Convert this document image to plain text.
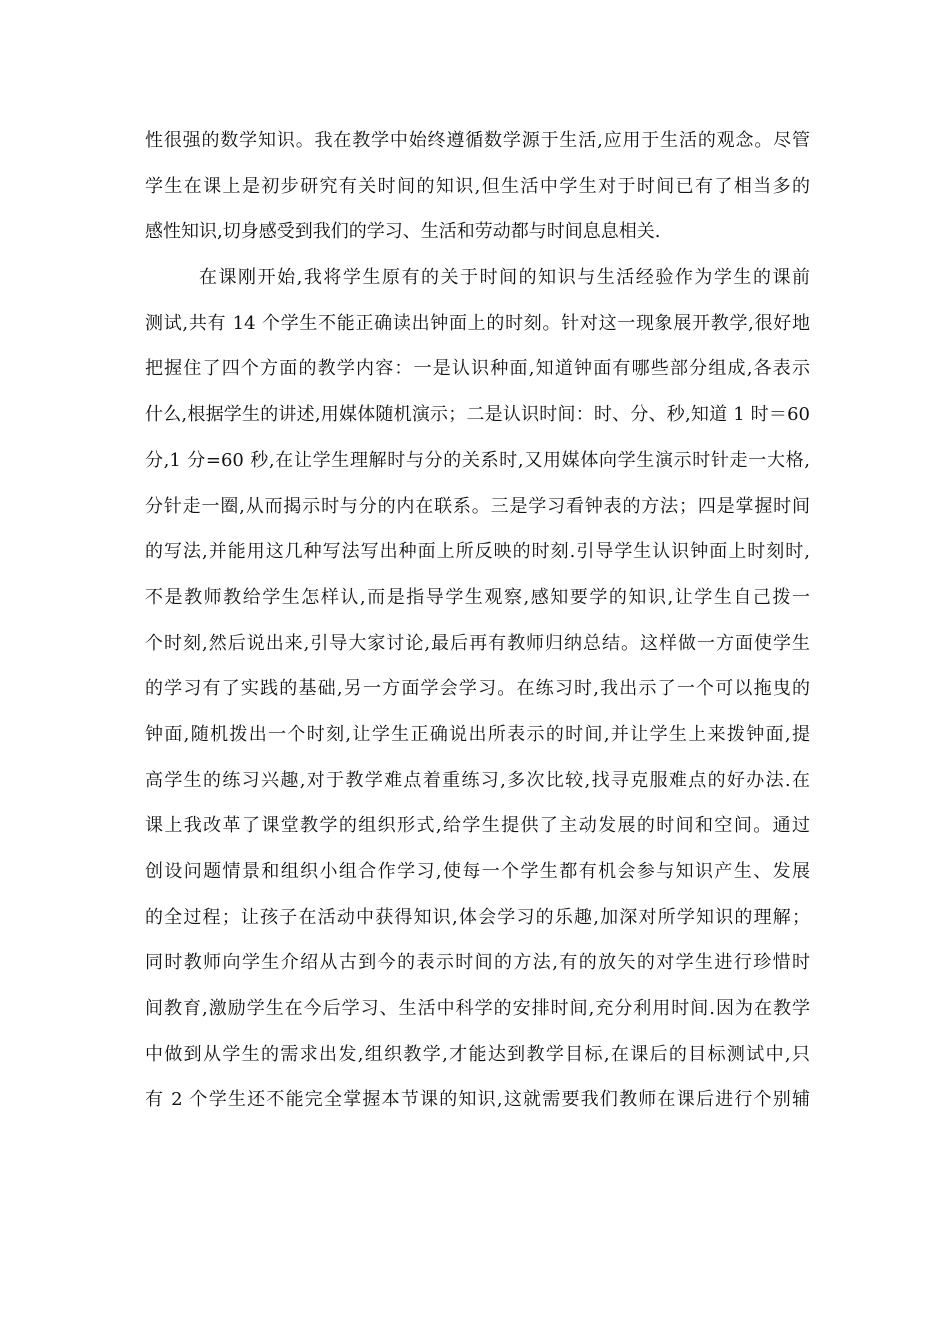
性很强的数学知识。我在教学中始终遵循数学源于生活,应用于生活的观念。尽管
学生在课上是初步研究有关时间的知识,但生活中学生对于时间已有了相当多的
感性知识,切身感受到我们的学习、生活和劳动都与时间息息相关.
在课刚开始,我将学生原有的关于时间的知识与生活经验作为学生的课前
测试,共有 14 个学生不能正确读出钟面上的时刻。针对这一现象展开教学,很好地
把握住了四个方面的教学内容：一是认识种面,知道钟面有哪些部分组成,各表示
什么,根据学生的讲述,用媒体随机演示；二是认识时间：时、分、秒,知道 1 时＝60
分,1 分=60 秒,在让学生理解时与分的关系时,又用媒体向学生演示时针走一大格,
分针走一圈,从而揭示时与分的内在联系。三是学习看钟表的方法；四是掌握时间
的写法,并能用这几种写法写出种面上所反映的时刻.引导学生认识钟面上时刻时,
不是教师教给学生怎样认,而是指导学生观察,感知要学的知识,让学生自己拨一
个时刻,然后说出来,引导大家讨论,最后再有教师归纳总结。这样做一方面使学生
的学习有了实践的基础,另一方面学会学习。在练习时,我出示了一个可以拖曳的
钟面,随机拨出一个时刻,让学生正确说出所表示的时间,并让学生上来拨钟面,提
高学生的练习兴趣,对于教学难点着重练习,多次比较,找寻克服难点的好办法.在
课上我改革了课堂教学的组织形式,给学生提供了主动发展的时间和空间。通过
创设问题情景和组织小组合作学习,使每一个学生都有机会参与知识产生、发展
的全过程；让孩子在活动中获得知识,体会学习的乐趣,加深对所学知识的理解；
同时教师向学生介绍从古到今的表示时间的方法,有的放矢的对学生进行珍惜时
间教育,激励学生在今后学习、生活中科学的安排时间,充分利用时间.因为在教学
中做到从学生的需求出发,组织教学,才能达到教学目标,在课后的目标测试中,只
有 2 个学生还不能完全掌握本节课的知识,这就需要我们教师在课后进行个别辅
